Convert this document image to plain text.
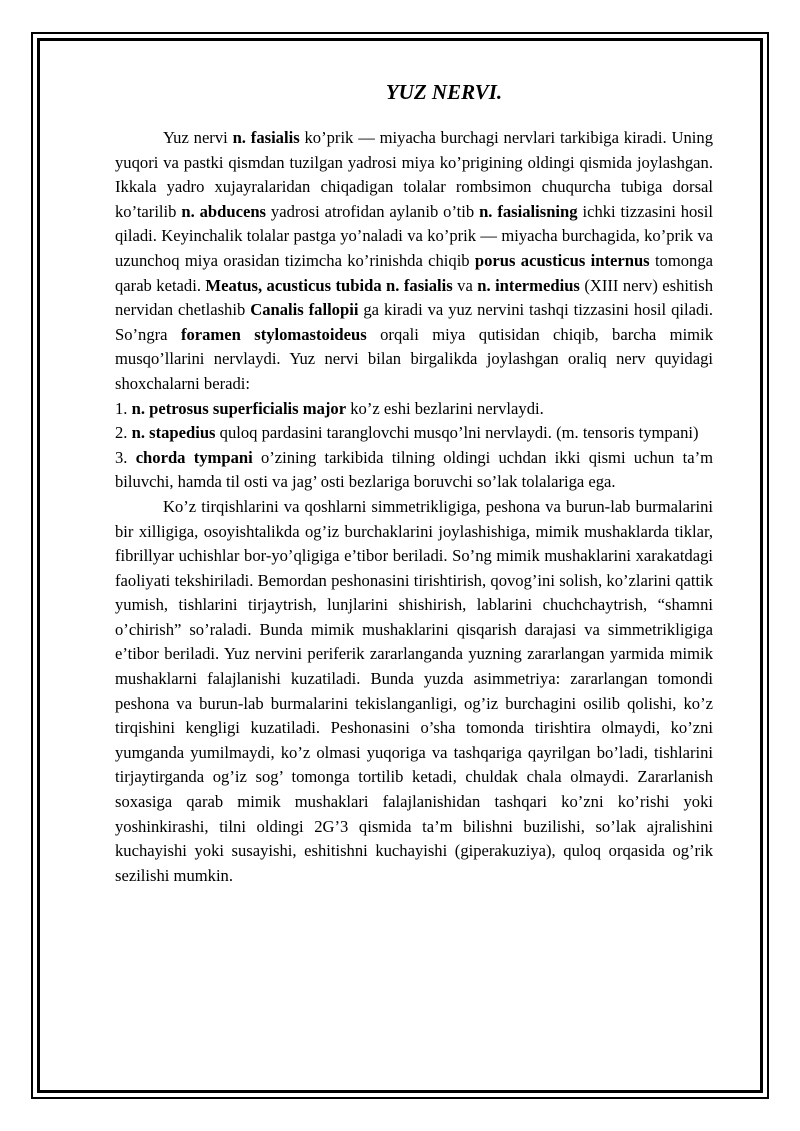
YUZ NERVI.

Yuz nervi n. fasialis ko’prik — miyacha burchagi nervlari tarkibiga kiradi. Uning yuqori va pastki qismdan tuzilgan yadrosi miya ko’prigining oldingi qismida joylashgan. Ikkala yadro xujayralaridan chiqadigan tolalar rombsimon chuqurcha tubiga dorsal ko’tarilib n. abducens yadrosi atrofidan aylanib o’tib n. fasialisning ichki tizzasini hosil qiladi. Keyinchalik tolalar pastga yo’naladi va ko’prik — miyacha burchagida, ko’prik va uzunchoq miya orasidan tizimcha ko’rinishda chiqib porus acusticus internus tomonga qarab ketadi. Meatus, acusticus tubida n. fasialis va n. intermedius (XIII nerv) eshitish nervidan chetlashib Canalis fallopii ga kiradi va yuz nervini tashqi tizzasini hosil qiladi. So’ngra foramen stylomastoideus orqali miya qutisidan chiqib, barcha mimik musqo’llarini nervlaydi. Yuz nervi bilan birgalikda joylashgan oraliq nerv quyidagi shoxchalarni beradi:

1. n. petrosus superficialis major ko’z eshi bezlarini nervlaydi.

2. n. stapedius quloq pardasini taranglovchi musqo’lni nervlaydi. (m. tensoris tympani)

3. chorda tympani o’zining tarkibida tilning oldingi uchdan ikki qismi uchun ta’m biluvchi, hamda til osti va jag’ osti bezlariga boruvchi so’lak tolalariga ega.

Ko’z tirqishlarini va qoshlarni simmetrikligiga, peshona va burun-lab burmalarini bir xilligiga, osoyishtalikda og’iz burchaklarini joylashishiga, mimik mushaklarda tiklar, fibrillyar uchishlar bor-yo’qligiga e’tibor beriladi. So’ng mimik mushaklarini xarakatdagi faoliyati tekshiriladi. Bemordan peshonasini tirishtirish, qovog’ini solish, ko’zlarini qattik yumish, tishlarini tirjaytrish, lunjlarini shishirish, lablarini chuchchaytrish, “shamni o’chirish” so’raladi. Bunda mimik mushaklarini qisqarish darajasi va simmetrikligiga e’tibor beriladi. Yuz nervini periferik zararlanganda yuzning zararlangan yarmida mimik mushaklarni falajlanishi kuzatiladi. Bunda yuzda asimmetriya: zararlangan tomondi peshona va burun-lab burmalarini tekislanganligi, og’iz burchagini osilib qolishi, ko’z tirqishini kengligi kuzatiladi. Peshonasini o’sha tomonda tirishtira olmaydi, ko’zni yumganda yumilmaydi, ko’z olmasi yuqoriga va tashqariga qayrilgan bo’ladi, tishlarini tirjaytirganda og’iz sog’ tomonga tortilib ketadi, chuldak chala olmaydi. Zararlanish soxasiga qarab mimik mushaklari falajlanishidan tashqari ko’zni ko’rishi yoki yoshinkirashi, tilni oldingi 2G’3 qismida ta’m bilishni buzilishi, so’lak ajralishini kuchayishi yoki susayishi, eshitishni kuchayishi (giperakuziya), quloq orqasida og’rik sezilishi mumkin.
